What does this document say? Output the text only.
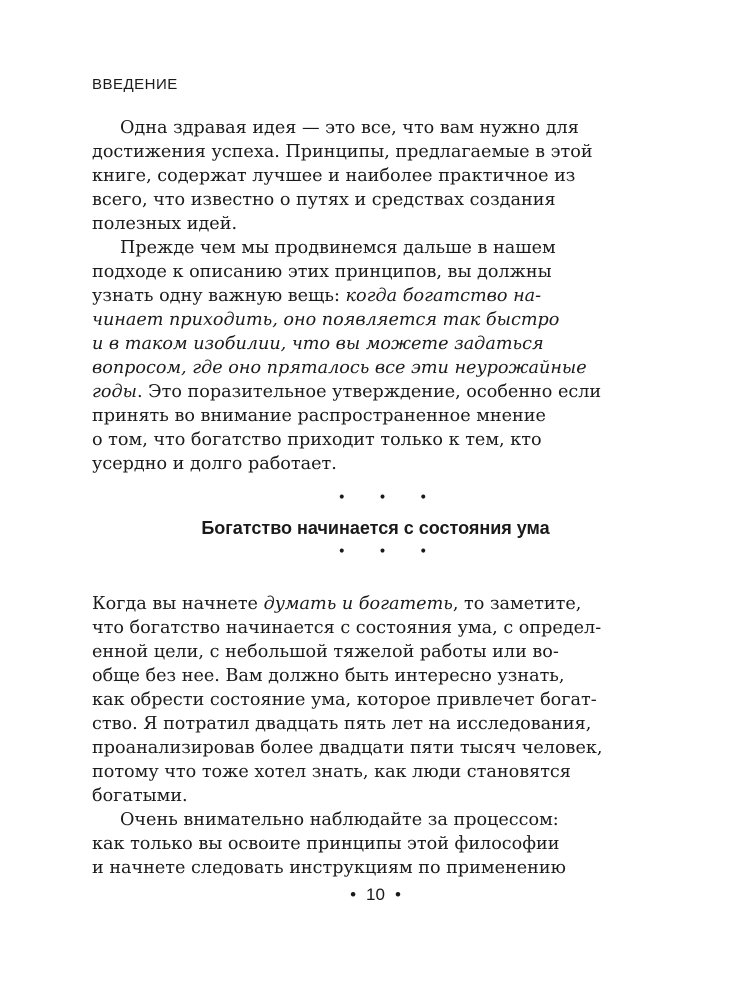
ВВЕДЕНИЕ
Одна здравая идея — это все, что вам нужно для
достижения успеха. Принципы, предлагаемые в этой
книге, содержат лучшее и наиболее практичное из
всего, что известно о путях и средствах создания
полезных идей.
Прежде чем мы продвинемся дальше в нашем
подходе к описанию этих принципов, вы должны
узнать одну важную вещь: когда богатство на-
чинает приходить, оно появляется так быстро
и в таком изобилии, что вы можете задаться
вопросом, где оно пряталось все эти неурожайные
годы. Это поразительное утверждение, особенно если
принять во внимание распространенное мнение
о том, что богатство приходит только к тем, кто
усердно и долго работает.
• • •
Богатство начинается с состояния ума
• • •
Когда вы начнете думать и богатеть, то заметите,
что богатство начинается с состояния ума, с определ-
енной цели, с небольшой тяжелой работы или во-
обще без нее. Вам должно быть интересно узнать,
как обрести состояние ума, которое привлечет богат-
ство. Я потратил двадцать пять лет на исследования,
проанализировав более двадцати пяти тысяч человек,
потому что тоже хотел знать, как люди становятся
богатыми.
Очень внимательно наблюдайте за процессом:
как только вы освоите принципы этой философии
и начнете следовать инструкциям по применению
• 10 •
